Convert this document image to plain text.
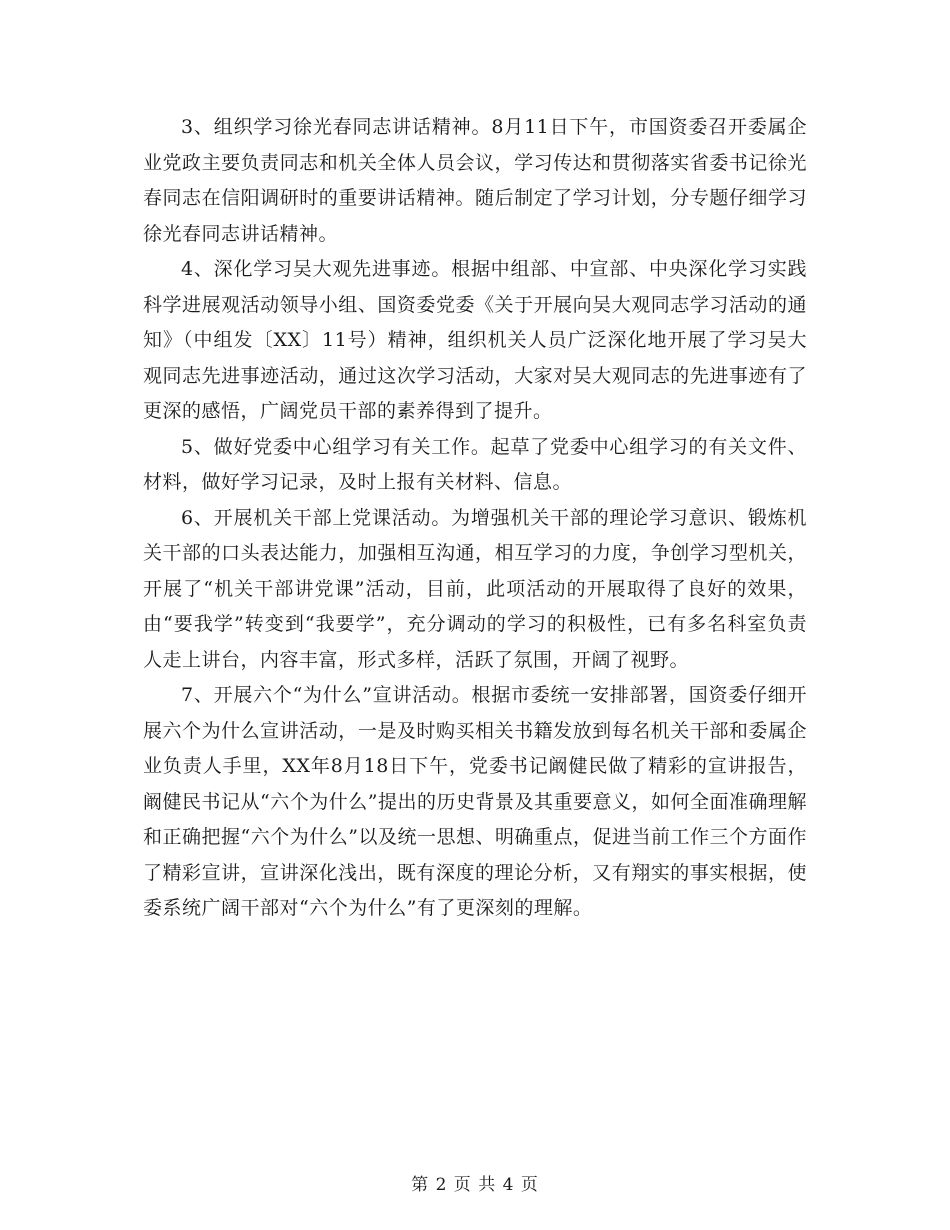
3、组织学习徐光春同志讲话精神。8月11日下午，市国资委召开委属企业党政主要负责同志和机关全体人员会议，学习传达和贯彻落实省委书记徐光春同志在信阳调研时的重要讲话精神。随后制定了学习计划，分专题仔细学习徐光春同志讲话精神。

4、深化学习吴大观先进事迹。根据中组部、中宣部、中央深化学习实践科学进展观活动领导小组、国资委党委《关于开展向吴大观同志学习活动的通知》（中组发〔XX〕11号）精神，组织机关人员广泛深化地开展了学习吴大观同志先进事迹活动，通过这次学习活动，大家对吴大观同志的先进事迹有了更深的感悟，广阔党员干部的素养得到了提升。

5、做好党委中心组学习有关工作。起草了党委中心组学习的有关文件、材料，做好学习记录，及时上报有关材料、信息。

6、开展机关干部上党课活动。为增强机关干部的理论学习意识、锻炼机关干部的口头表达能力，加强相互沟通，相互学习的力度，争创学习型机关，开展了“机关干部讲党课”活动，目前，此项活动的开展取得了良好的效果，由“要我学”转变到“我要学”，充分调动的学习的积极性，已有多名科室负责人走上讲台，内容丰富，形式多样，活跃了氛围，开阔了视野。

7、开展六个“为什么”宣讲活动。根据市委统一安排部署，国资委仔细开展六个为什么宣讲活动，一是及时购买相关书籍发放到每名机关干部和委属企业负责人手里，XX年8月18日下午，党委书记阚健民做了精彩的宣讲报告，阚健民书记从“六个为什么”提出的历史背景及其重要意义，如何全面准确理解和正确把握“六个为什么”以及统一思想、明确重点，促进当前工作三个方面作了精彩宣讲，宣讲深化浅出，既有深度的理论分析，又有翔实的事实根据，使委系统广阔干部对“六个为什么”有了更深刻的理解。

第 2 页 共 4 页
